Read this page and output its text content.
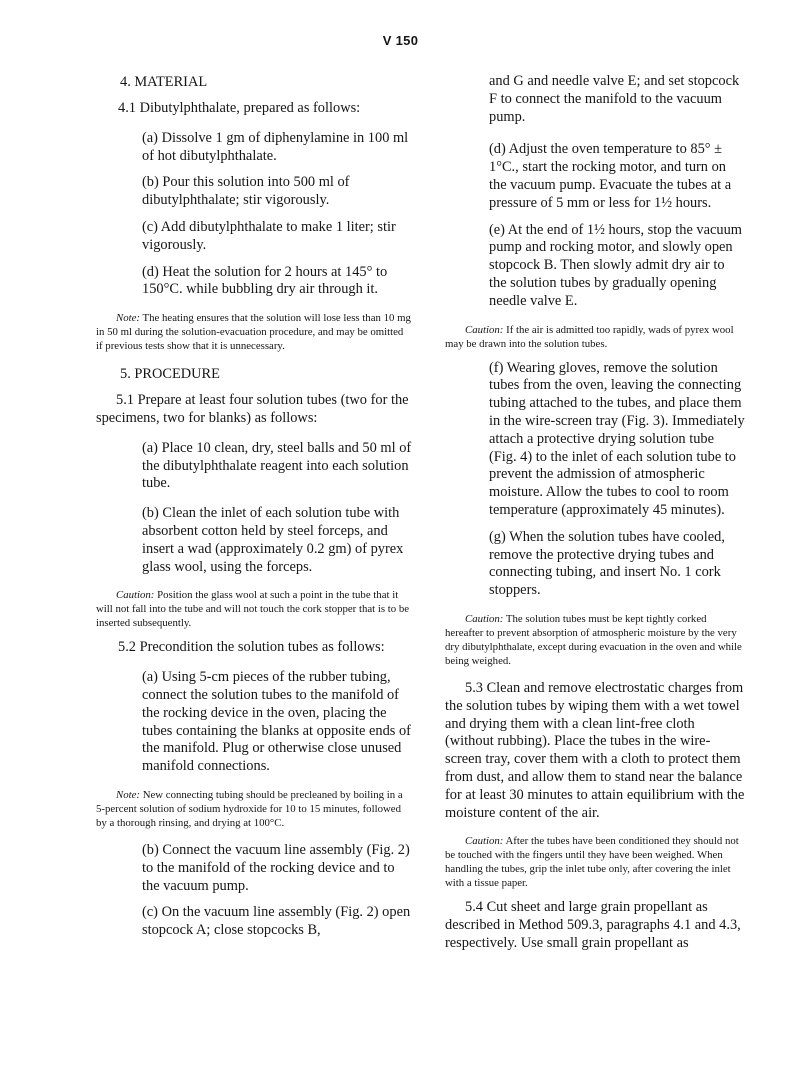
V 150

4. MATERIAL

4.1 Dibutylphthalate, prepared as follows:

(a) Dissolve 1 gm of diphenylamine in 100 ml of hot dibutylphthalate.

(b) Pour this solution into 500 ml of dibutylphthalate; stir vigorously.

(c) Add dibutylphthalate to make 1 liter; stir vigorously.

(d) Heat the solution for 2 hours at 145° to 150°C. while bubbling dry air through it.

Note: The heating ensures that the solution will lose less than 10 mg in 50 ml during the solution-evacuation procedure, and may be omitted if previous tests show that it is unnecessary.

5. PROCEDURE

5.1 Prepare at least four solution tubes (two for the specimens, two for blanks) as follows:

(a) Place 10 clean, dry, steel balls and 50 ml of the dibutylphthalate reagent into each solution tube.

(b) Clean the inlet of each solution tube with absorbent cotton held by steel forceps, and insert a wad (approximately 0.2 gm) of pyrex glass wool, using the forceps.

Caution: Position the glass wool at such a point in the tube that it will not fall into the tube and will not touch the cork stopper that is to be inserted subsequently.

5.2 Precondition the solution tubes as follows:

(a) Using 5-cm pieces of the rubber tubing, connect the solution tubes to the manifold of the rocking device in the oven, placing the tubes containing the blanks at opposite ends of the manifold. Plug or otherwise close unused manifold connections.

Note: New connecting tubing should be precleaned by boiling in a 5-percent solution of sodium hydroxide for 10 to 15 minutes, followed by a thorough rinsing, and drying at 100°C.

(b) Connect the vacuum line assembly (Fig. 2) to the manifold of the rocking device and to the vacuum pump.

(c) On the vacuum line assembly (Fig. 2) open stopcock A; close stopcocks B,

and G and needle valve E; and set stopcock F to connect the manifold to the vacuum pump.

(d) Adjust the oven temperature to 85° ± 1°C., start the rocking motor, and turn on the vacuum pump. Evacuate the tubes at a pressure of 5 mm or less for 1½ hours.

(e) At the end of 1½ hours, stop the vacuum pump and rocking motor, and slowly open stopcock B. Then slowly admit dry air to the solution tubes by gradually opening needle valve E.

Caution: If the air is admitted too rapidly, wads of pyrex wool may be drawn into the solution tubes.

(f) Wearing gloves, remove the solution tubes from the oven, leaving the connecting tubing attached to the tubes, and place them in the wire-screen tray (Fig. 3). Immediately attach a protective drying solution tube (Fig. 4) to the inlet of each solution tube to prevent the admission of atmospheric moisture. Allow the tubes to cool to room temperature (approximately 45 minutes).

(g) When the solution tubes have cooled, remove the protective drying tubes and connecting tubing, and insert No. 1 cork stoppers.

Caution: The solution tubes must be kept tightly corked hereafter to prevent absorption of atmospheric moisture by the very dry dibutylphthalate, except during evacuation in the oven and while being weighed.

5.3 Clean and remove electrostatic charges from the solution tubes by wiping them with a wet towel and drying them with a clean lint-free cloth (without rubbing). Place the tubes in the wire-screen tray, cover them with a cloth to protect them from dust, and allow them to stand near the balance for at least 30 minutes to attain equilibrium with the moisture content of the air.

Caution: After the tubes have been conditioned they should not be touched with the fingers until they have been weighed. When handling the tubes, grip the inlet tube only, after covering the inlet with a tissue paper.

5.4 Cut sheet and large grain propellant as described in Method 509.3, paragraphs 4.1 and 4.3, respectively. Use small grain propellant as
